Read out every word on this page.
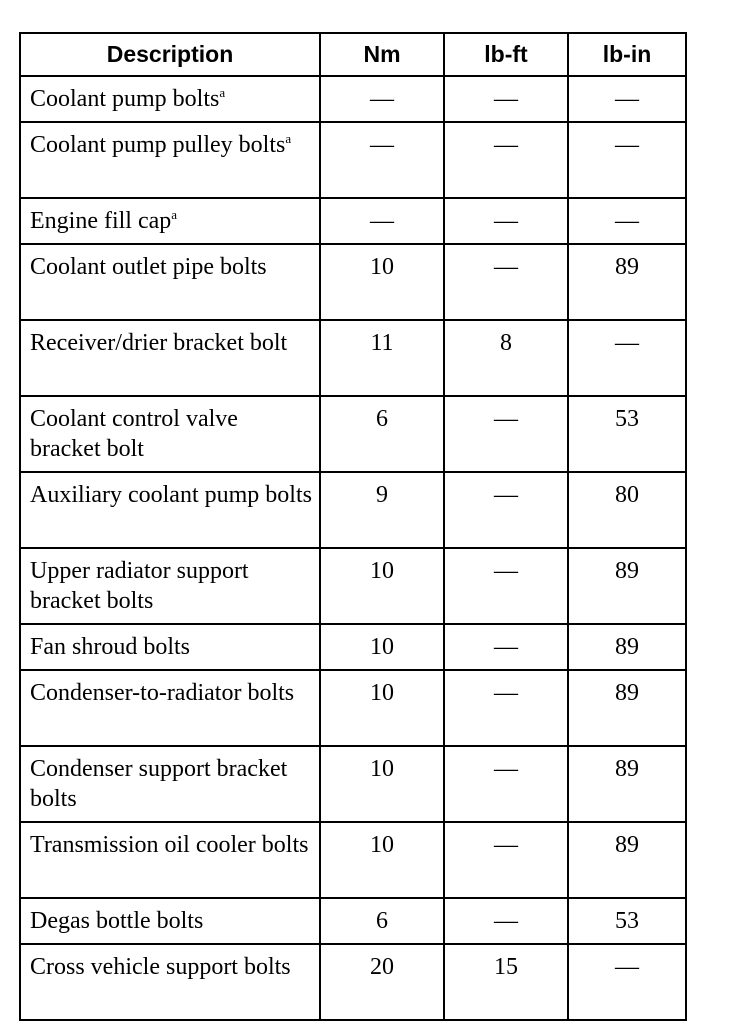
Description	Nm	lb-ft	lb-in
Coolant pump bolts$^a$	—	—	—
Coolant pump pulley bolts$^a$	—	—	—
Engine fill cap$^a$	—	—	—
Coolant outlet pipe bolts	10	—	89
Receiver/drier bracket bolt	11	8	—
Coolant control valve bracket bolt	6	—	53
Auxiliary coolant pump bolts	9	—	80
Upper radiator support bracket bolts	10	—	89
Fan shroud bolts	10	—	89
Condenser-to-radiator bolts	10	—	89
Condenser support bracket bolts	10	—	89
Transmission oil cooler bolts	10	—	89
Degas bottle bolts	6	—	53
Cross vehicle support bolts	20	15	—
